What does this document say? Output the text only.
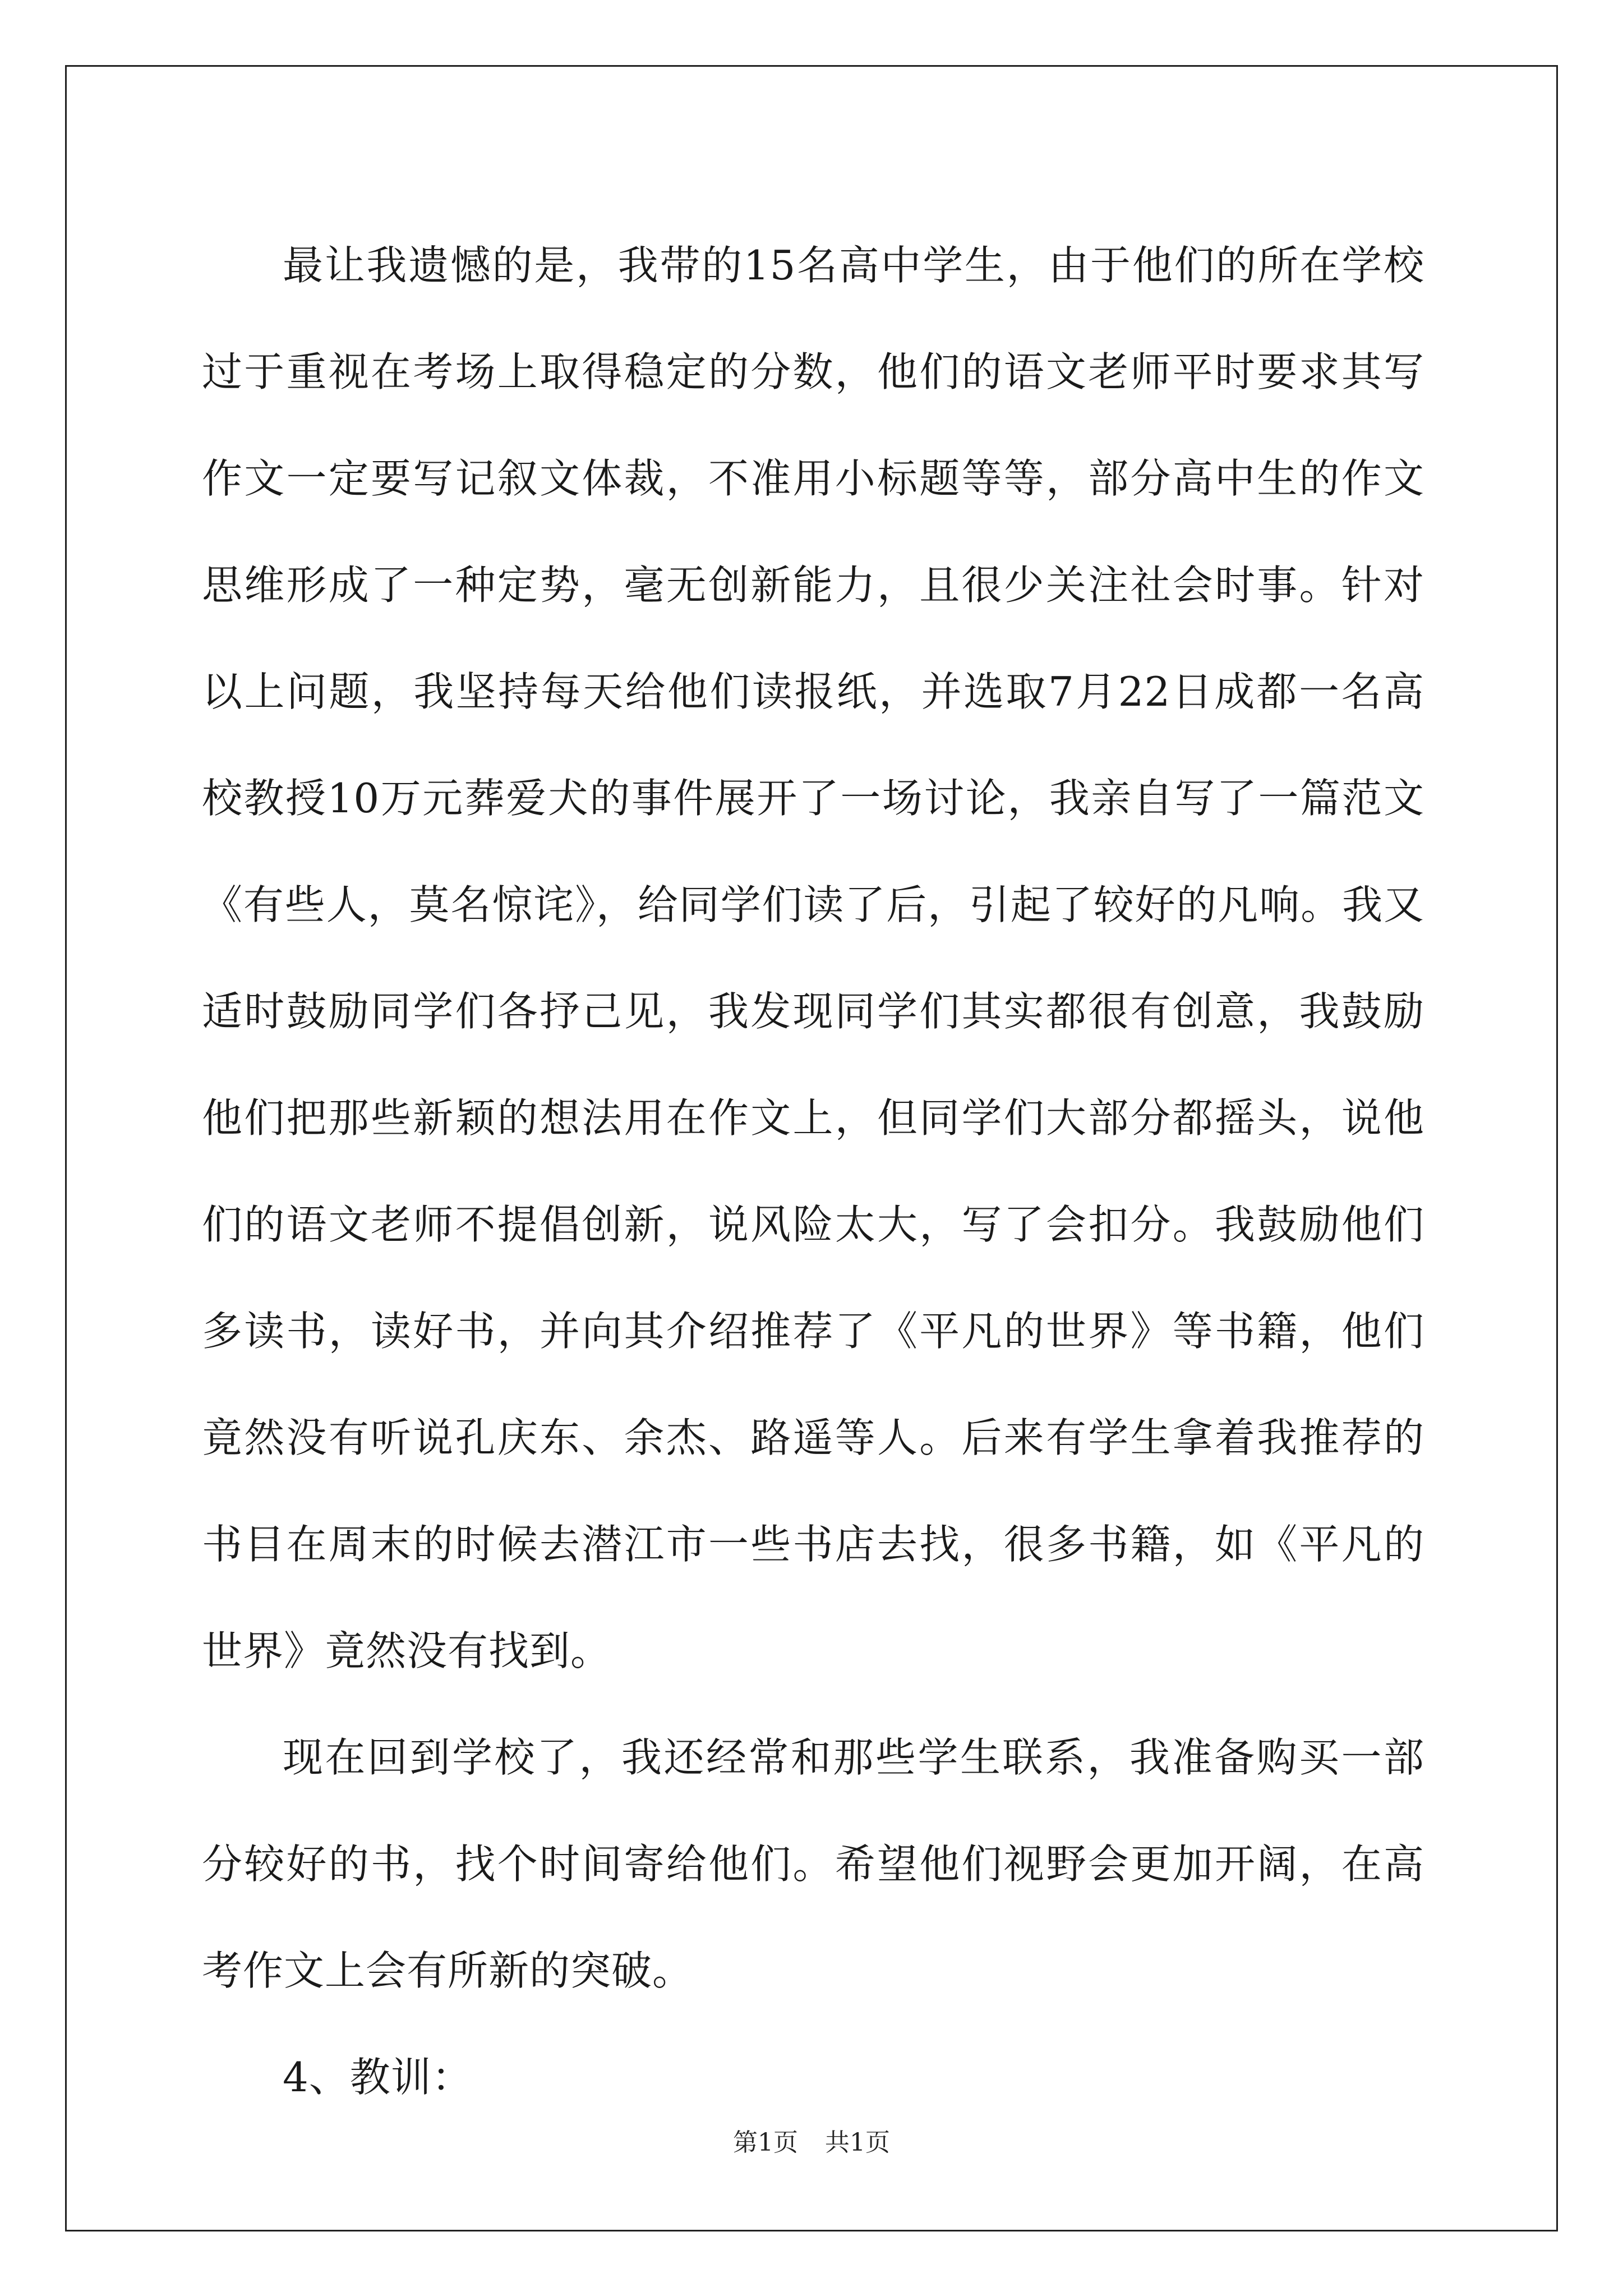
最让我遗憾的是，我带的15名高中学生，由于他们的所在学校过于重视在考场上取得稳定的分数，他们的语文老师平时要求其写作文一定要写记叙文体裁，不准用小标题等等，部分高中生的作文思维形成了一种定势，毫无创新能力，且很少关注社会时事。针对以上问题，我坚持每天给他们读报纸，并选取7月22日成都一名高校教授10万元葬爱犬的事件展开了一场讨论，我亲自写了一篇范文《有些人，莫名惊诧》，给同学们读了后，引起了较好的凡响。我又适时鼓励同学们各抒己见，我发现同学们其实都很有创意，我鼓励他们把那些新颖的想法用在作文上，但同学们大部分都摇头，说他们的语文老师不提倡创新，说风险太大，写了会扣分。我鼓励他们多读书，读好书，并向其介绍推荐了《平凡的世界》等书籍，他们竟然没有听说孔庆东、余杰、路遥等人。后来有学生拿着我推荐的书目在周末的时候去潜江市一些书店去找，很多书籍，如《平凡的世界》竟然没有找到。

现在回到学校了，我还经常和那些学生联系，我准备购买一部分较好的书，找个时间寄给他们。希望他们视野会更加开阔，在高考作文上会有所新的突破。

4、教训：

第1页 共1页
